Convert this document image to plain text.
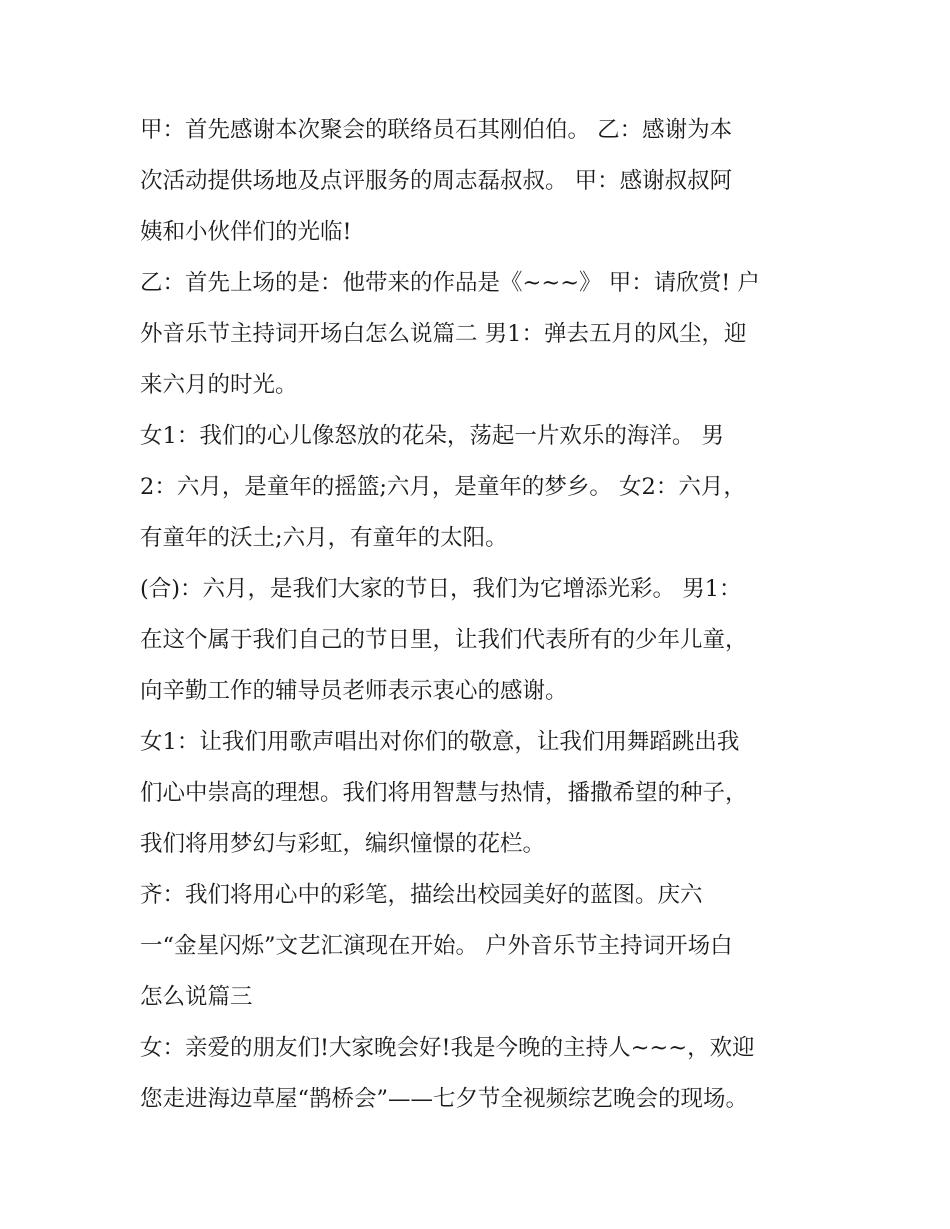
甲：首先感谢本次聚会的联络员石其刚伯伯。 乙：感谢为本
次活动提供场地及点评服务的周志磊叔叔。 甲：感谢叔叔阿
姨和小伙伴们的光临!
乙：首先上场的是：他带来的作品是《~~~》 甲：请欣赏! 户
外音乐节主持词开场白怎么说篇二 男1：弹去五月的风尘，迎
来六月的时光。
女1：我们的心儿像怒放的花朵，荡起一片欢乐的海洋。 男
2：六月，是童年的摇篮;六月，是童年的梦乡。 女2：六月，
有童年的沃土;六月，有童年的太阳。
(合)：六月，是我们大家的节日，我们为它增添光彩。 男1：
在这个属于我们自己的节日里，让我们代表所有的少年儿童，
向辛勤工作的辅导员老师表示衷心的感谢。
女1：让我们用歌声唱出对你们的敬意，让我们用舞蹈跳出我
们心中崇高的理想。我们将用智慧与热情，播撒希望的种子，
我们将用梦幻与彩虹，编织憧憬的花栏。
齐：我们将用心中的彩笔，描绘出校园美好的蓝图。庆六
一“金星闪烁”文艺汇演现在开始。 户外音乐节主持词开场白
怎么说篇三
女：亲爱的朋友们!大家晚会好!我是今晚的主持人~~~，欢迎
您走进海边草屋“鹊桥会”——七夕节全视频综艺晚会的现场。
